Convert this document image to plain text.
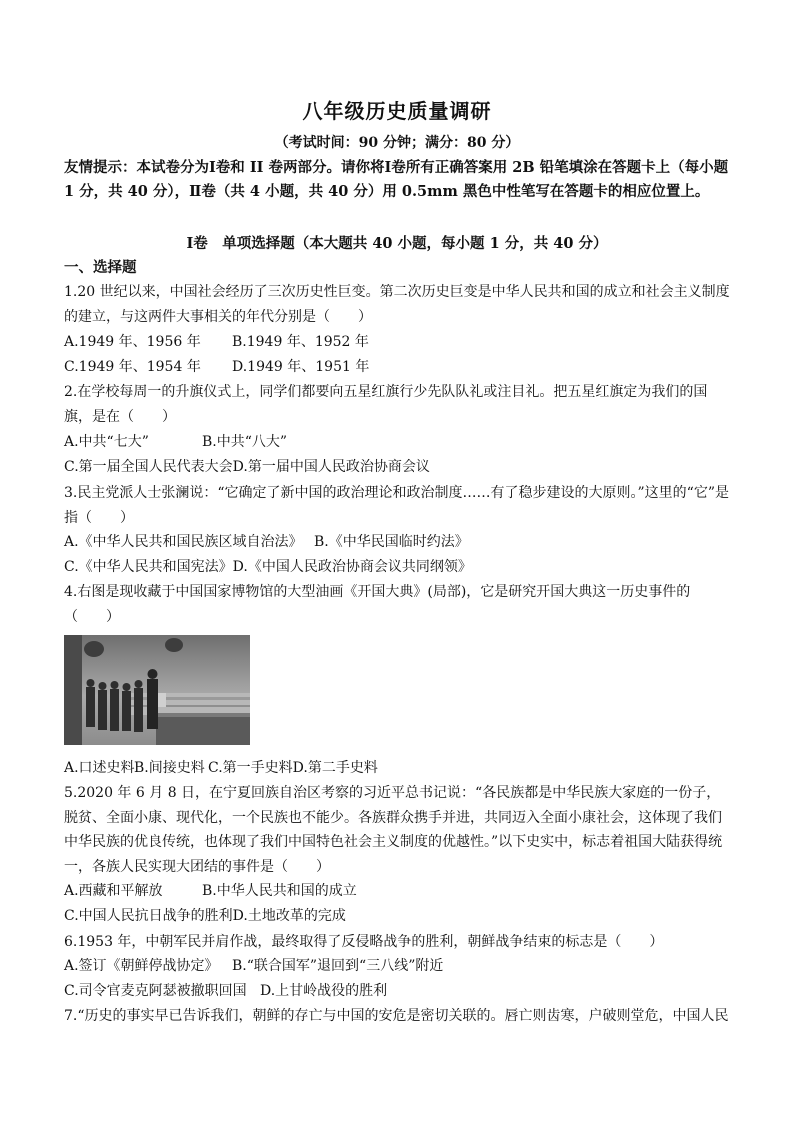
八年级历史质量调研
（考试时间：90 分钟；满分：80 分）
友情提示：本试卷分为Ⅰ卷和 II 卷两部分。请你将Ⅰ卷所有正确答案用 2B 铅笔填涂在答题卡上（每小题 1 分，共 40 分），Ⅱ卷（共 4 小题，共 40 分）用 0.5mm 黑色中性笔写在答题卡的相应位置上。
Ⅰ卷　单项选择题（本大题共 40 小题，每小题 1 分，共 40 分）
一、选择题
1.20 世纪以来，中国社会经历了三次历史性巨变。第二次历史巨变是中华人民共和国的成立和社会主义制度的建立，与这两件大事相关的年代分别是（　　）
A.1949 年、1956 年 B.1949 年、1952 年
C.1949 年、1954 年 D.1949 年、1951 年
2.在学校每周一的升旗仪式上，同学们都要向五星红旗行少先队队礼或注目礼。把五星红旗定为我们的国旗，是在（　　）
A.中共“七大”	B.中共“八大”
C.第一届全国人民代表大会D.第一届中国人民政治协商会议
3.民主党派人士张澜说：“它确定了新中国的政治理论和政治制度……有了稳步建设的大原则。”这里的“它”是指（　　）
A.《中华人民共和国民族区域自治法》 B.《中华民国临时约法》
C.《中华人民共和国宪法》D.《中国人民政治协商会议共同纲领》
4.右图是现收藏于中国国家博物馆的大型油画《开国大典》(局部)，它是研究开国大典这一历史事件的（　　）
A.口述史料B.间接史料 C.第一手史料D.第二手史料
5.2020 年 6 月 8 日，在宁夏回族自治区考察的习近平总书记说：“各民族都是中华民族大家庭的一份子，脱贫、全面小康、现代化，一个民族也不能少。各族群众携手并进，共同迈入全面小康社会，这体现了我们中华民族的优良传统，也体现了我们中国特色社会主义制度的优越性。”以下史实中，标志着祖国大陆获得统一，各族人民实现大团结的事件是（　　）
A.西藏和平解放	B.中华人民共和国的成立
C.中国人民抗日战争的胜利D.土地改革的完成
6.1953 年，中朝军民并肩作战，最终取得了反侵略战争的胜利，朝鲜战争结束的标志是（　　）
A.签订《朝鲜停战协定》 B.“联合国军”退回到“三八线”附近
C.司令官麦克阿瑟被撤职回国 D.上甘岭战役的胜利
7.“历史的事实早已告诉我们，朝鲜的存亡与中国的安危是密切关联的。唇亡则齿寒，户破则堂危，中国人民
